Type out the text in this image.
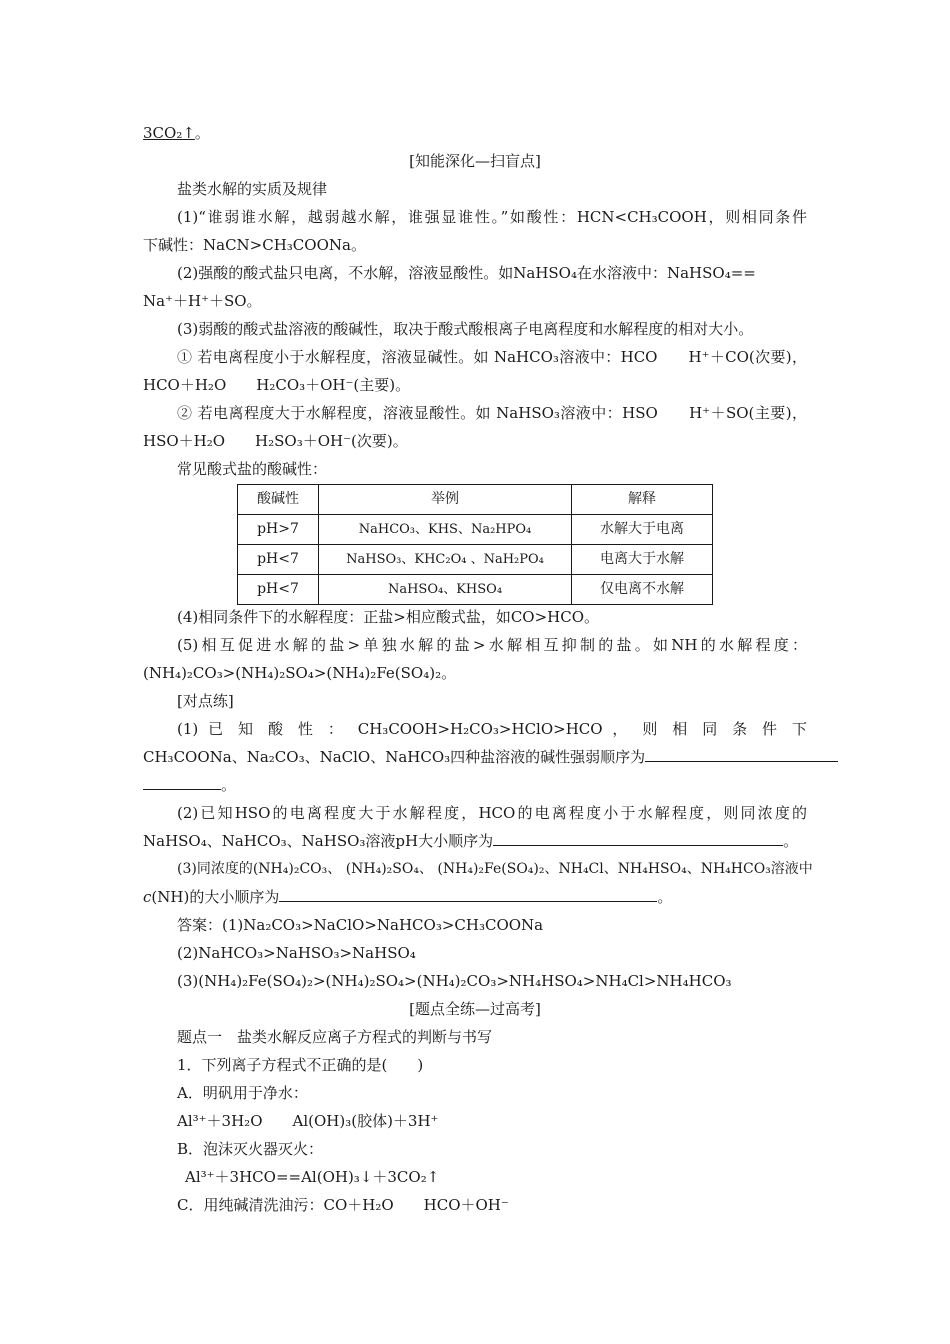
3CO₂↑。
[知能深化—扫盲点]
盐类水解的实质及规律
(1)“谁弱谁水解，越弱越水解，谁强显谁性。”如酸性：HCN<CH₃COOH，则相同条件
下碱性：NaCN>CH₃COONa。
(2)强酸的酸式盐只电离，不水解，溶液显酸性。如NaHSO₄在水溶液中：NaHSO₄==
Na⁺＋H⁺＋SO。
(3)弱酸的酸式盐溶液的酸碱性，取决于酸式酸根离子电离程度和水解程度的相对大小。
① 若电离程度小于水解程度，溶液显碱性。如 NaHCO₃溶液中：HCO　　H⁺＋CO(次要)，
HCO＋H₂O　　H₂CO₃＋OH⁻(主要)。
② 若电离程度大于水解程度，溶液显酸性。如 NaHSO₃溶液中：HSO　　H⁺＋SO(主要)，
HSO＋H₂O　　H₂SO₃＋OH⁻(次要)。
常见酸式盐的酸碱性：
酸碱性	举例	解释
pH>7	NaHCO₃、KHS、Na₂HPO₄	水解大于电离
pH<7	NaHSO₃、KHC₂O₄ 、NaH₂PO₄	电离大于水解
pH<7	NaHSO₄、KHSO₄	仅电离不水解
(4)相同条件下的水解程度：正盐>相应酸式盐，如CO>HCO。
(5)相互促进水解的盐>单独水解的盐>水解相互抑制的盐。如NH的水解程度：
(NH₄)₂CO₃>(NH₄)₂SO₄>(NH₄)₂Fe(SO₄)₂。
[对点练]
(1) 已 知 酸 性 ： CH₃COOH>H₂CO₃>HClO>HCO ， 则 相 同 条 件 下
CH₃COONa、Na₂CO₃、NaClO、NaHCO₃四种盐溶液的碱性强弱顺序为
。
(2)已知HSO的电离程度大于水解程度，HCO的电离程度小于水解程度，则同浓度的
NaHSO₄、NaHCO₃、NaHSO₃溶液pH大小顺序为	。
(3)同浓度的(NH₄)₂CO₃、 (NH₄)₂SO₄、 (NH₄)₂Fe(SO₄)₂、NH₄Cl、NH₄HSO₄、NH₄HCO₃溶液中
c(NH)的大小顺序为	。
答案：(1)Na₂CO₃>NaClO>NaHCO₃>CH₃COONa
(2)NaHCO₃>NaHSO₃>NaHSO₄
(3)(NH₄)₂Fe(SO₄)₂>(NH₄)₂SO₄>(NH₄)₂CO₃>NH₄HSO₄>NH₄Cl>NH₄HCO₃
[题点全练—过高考]
题点一　盐类水解反应离子方程式的判断与书写
1．下列离子方程式不正确的是(　　)
A．明矾用于净水：
Al³⁺＋3H₂O　　Al(OH)₃(胶体)＋3H⁺
B．泡沫灭火器灭火：
Al³⁺＋3HCO==Al(OH)₃↓＋3CO₂↑
C．用纯碱清洗油污：CO＋H₂O　　HCO＋OH⁻
